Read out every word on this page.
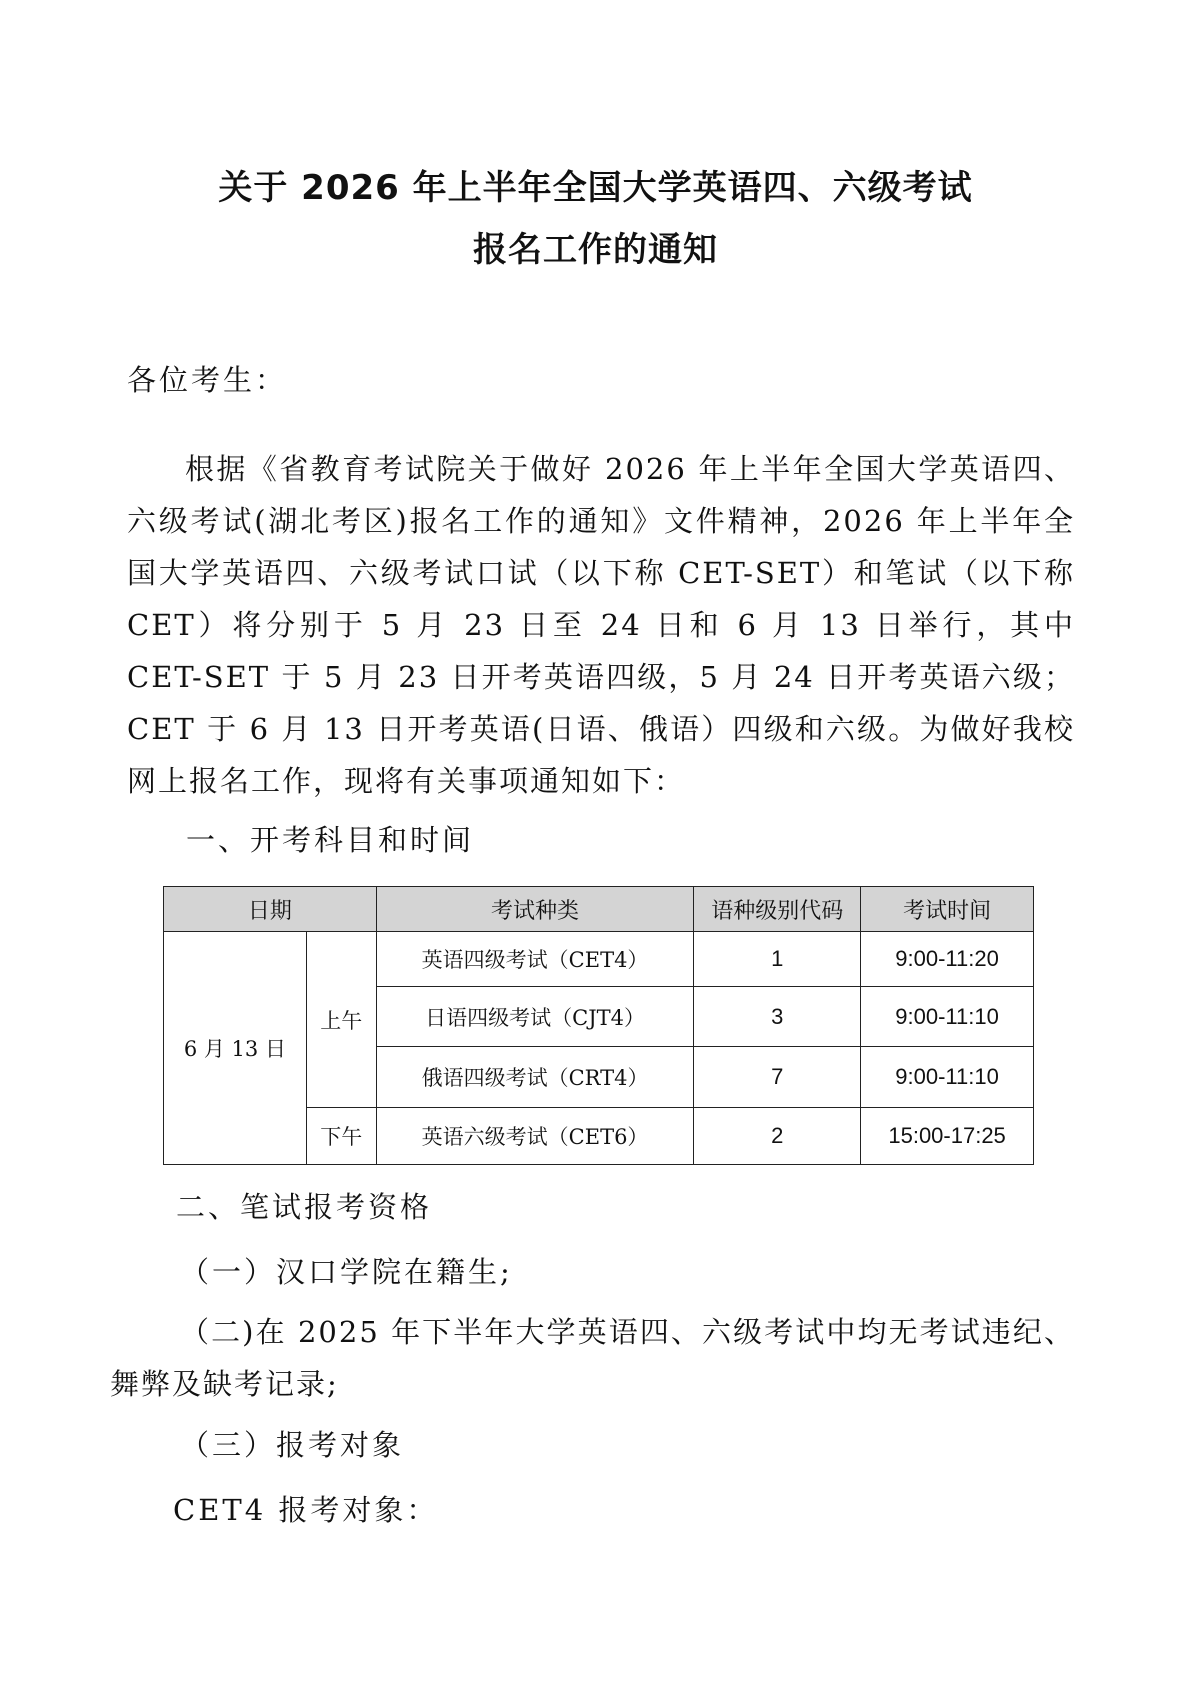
关于 2026 年上半年全国大学英语四、六级考试
报名工作的通知
各位考生：
根据《省教育考试院关于做好 2026 年上半年全国大学英语四、六级考试(湖北考区)报名工作的通知》文件精神，2026 年上半年全国大学英语四、六级考试口试（以下称 CET-SET）和笔试（以下称 CET）将分别于 5 月 23 日至 24 日和 6 月 13 日举行，其中 CET-SET 于 5 月 23 日开考英语四级，5 月 24 日开考英语六级；CET 于 6 月 13 日开考英语(日语、俄语）四级和六级。为做好我校网上报名工作，现将有关事项通知如下：
一、开考科目和时间
日期		考试种类	语种级别代码	考试时间
6 月 13 日	上午	英语四级考试（CET4）	1	9:00-11:20
		日语四级考试（CJT4）	3	9:00-11:10
		俄语四级考试（CRT4）	7	9:00-11:10
	下午	英语六级考试（CET6）	2	15:00-17:25
二、笔试报考资格
（一）汉口学院在籍生;
（二)在 2025 年下半年大学英语四、六级考试中均无考试违纪、舞弊及缺考记录;
（三）报考对象
CET4 报考对象：
